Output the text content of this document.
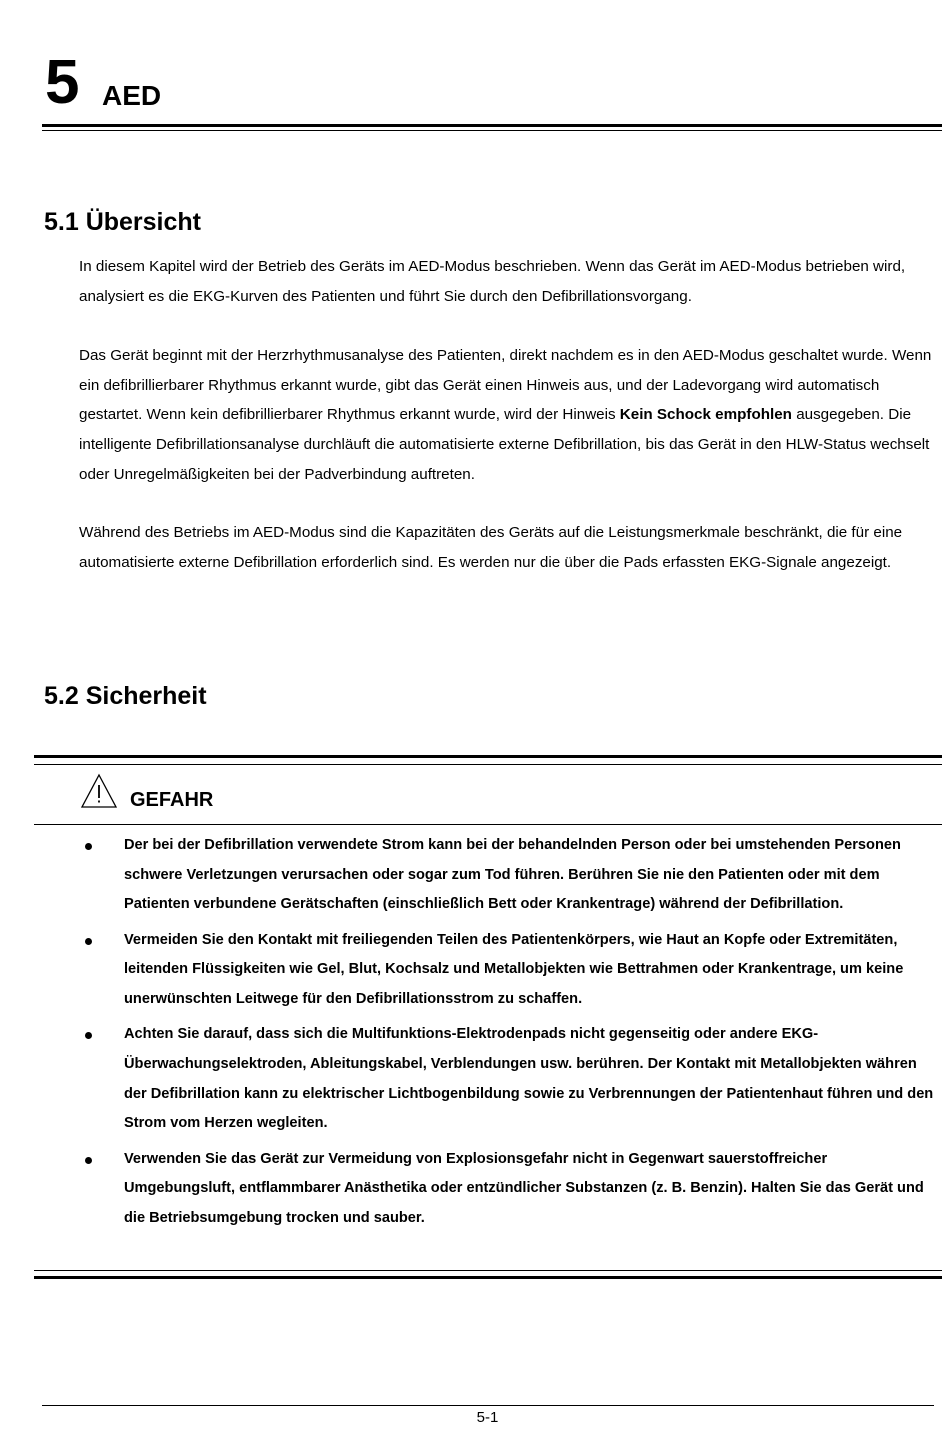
5 AED
5.1 Übersicht

In diesem Kapitel wird der Betrieb des Geräts im AED-Modus beschrieben. Wenn das Gerät im AED-Modus betrieben wird, analysiert es die EKG-Kurven des Patienten und führt Sie durch den Defibrillationsvorgang.

Das Gerät beginnt mit der Herzrhythmusanalyse des Patienten, direkt nachdem es in den AED-Modus geschaltet wurde. Wenn ein defibrillierbarer Rhythmus erkannt wurde, gibt das Gerät einen Hinweis aus, und der Ladevorgang wird automatisch gestartet. Wenn kein defibrillierbarer Rhythmus erkannt wurde, wird der Hinweis Kein Schock empfohlen ausgegeben. Die intelligente Defibrillationsanalyse durchläuft die automatisierte externe Defibrillation, bis das Gerät in den HLW-Status wechselt oder Unregelmäßigkeiten bei der Padverbindung auftreten.

Während des Betriebs im AED-Modus sind die Kapazitäten des Geräts auf die Leistungsmerkmale beschränkt, die für eine automatisierte externe Defibrillation erforderlich sind. Es werden nur die über die Pads erfassten EKG-Signale angezeigt.

5.2 Sicherheit
GEFAHR
Der bei der Defibrillation verwendete Strom kann bei der behandelnden Person oder bei umstehenden Personen schwere Verletzungen verursachen oder sogar zum Tod führen. Berühren Sie nie den Patienten oder mit dem Patienten verbundene Gerätschaften (einschließlich Bett oder Krankentrage) während der Defibrillation.
Vermeiden Sie den Kontakt mit freiliegenden Teilen des Patientenkörpers, wie Haut an Kopfe oder Extremitäten, leitenden Flüssigkeiten wie Gel, Blut, Kochsalz und Metallobjekten wie Bettrahmen oder Krankentrage, um keine unerwünschten Leitwege für den Defibrillationsstrom zu schaffen.
Achten Sie darauf, dass sich die Multifunktions-Elektrodenpads nicht gegenseitig oder andere EKG-Überwachungselektroden, Ableitungskabel, Verblendungen usw. berühren. Der Kontakt mit Metallobjekten währen der Defibrillation kann zu elektrischer Lichtbogenbildung sowie zu Verbrennungen der Patientenhaut führen und den Strom vom Herzen wegleiten.
Verwenden Sie das Gerät zur Vermeidung von Explosionsgefahr nicht in Gegenwart sauerstoffreicher Umgebungsluft, entflammbarer Anästhetika oder entzündlicher Substanzen (z. B. Benzin). Halten Sie das Gerät und die Betriebsumgebung trocken und sauber.
5-1
